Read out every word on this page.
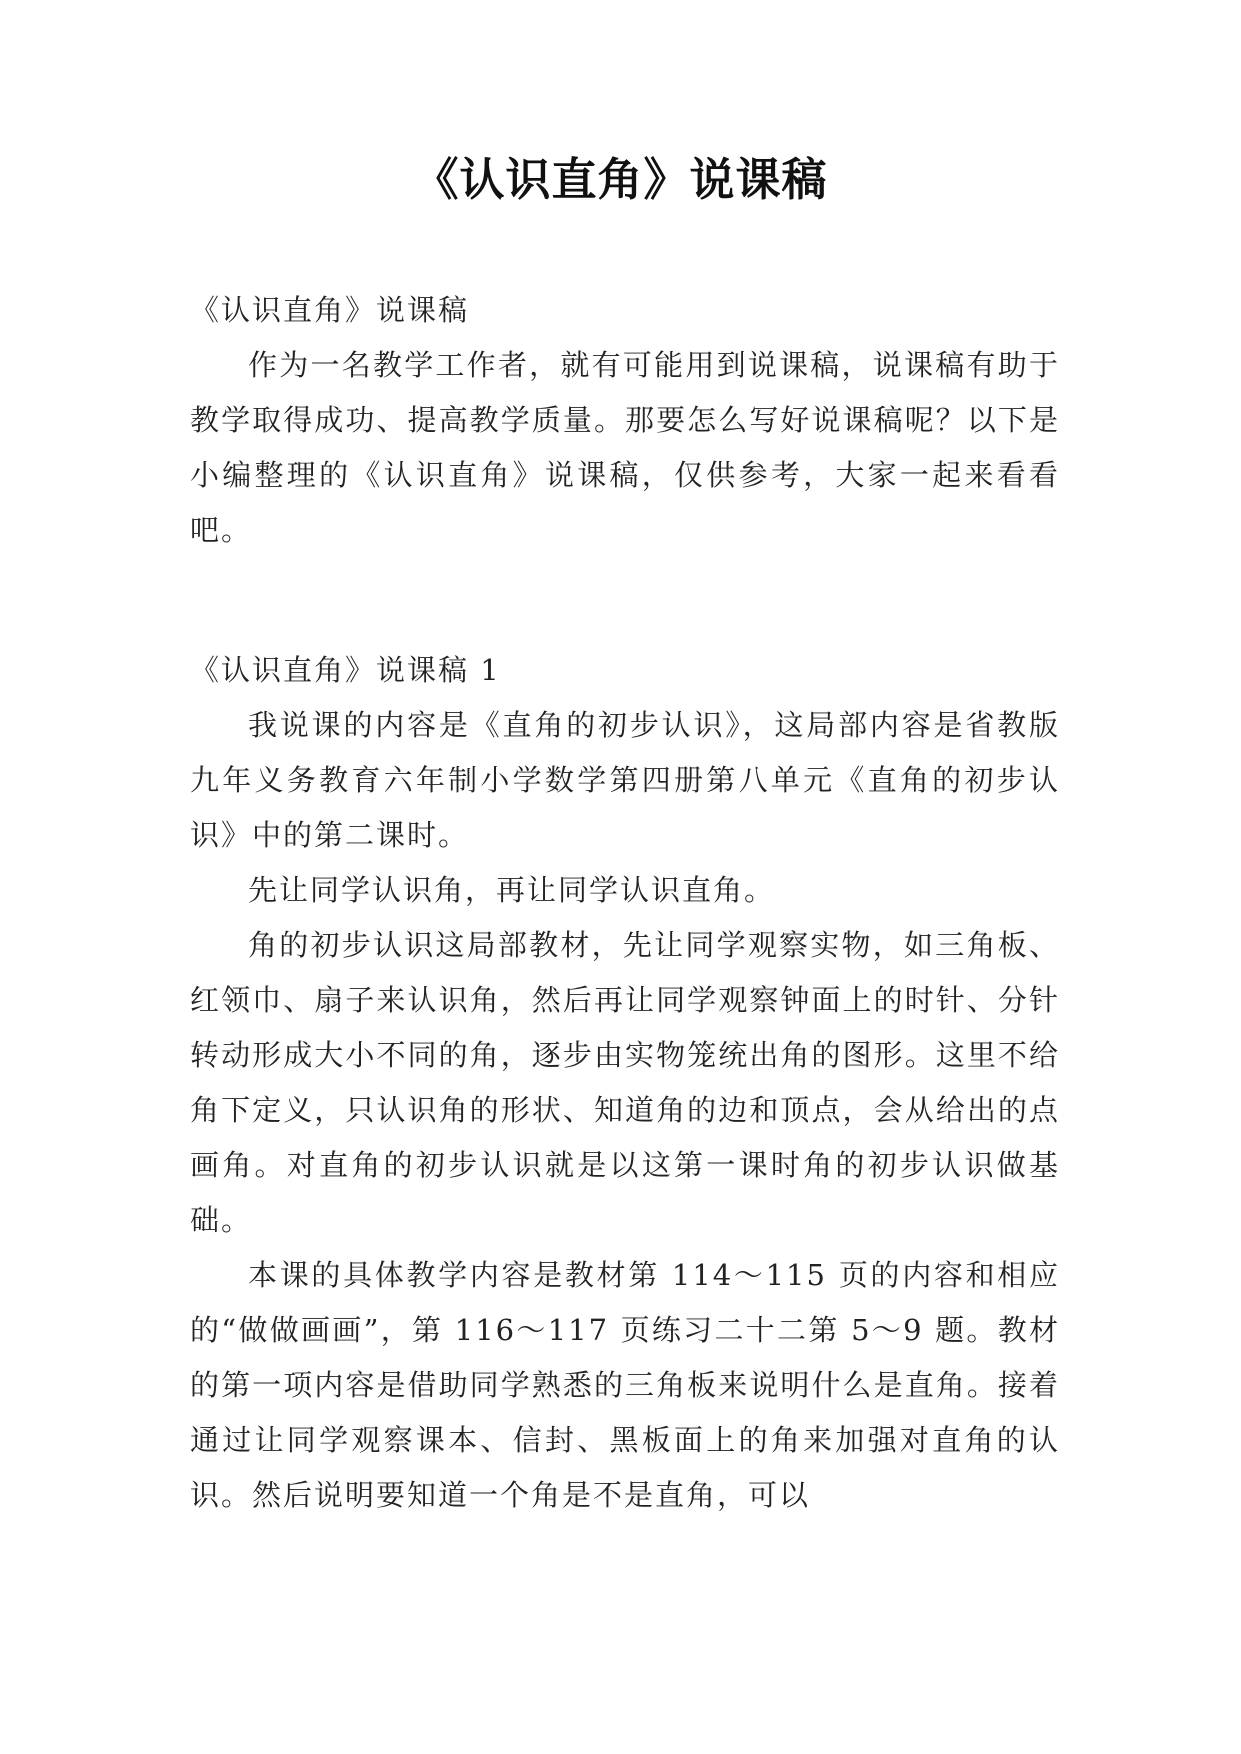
《认识直角》说课稿

《认识直角》说课稿

作为一名教学工作者，就有可能用到说课稿，说课稿有助于教学取得成功、提高教学质量。那要怎么写好说课稿呢？以下是小编整理的《认识直角》说课稿，仅供参考，大家一起来看看吧。

《认识直角》说课稿 1

我说课的内容是《直角的初步认识》，这局部内容是省教版九年义务教育六年制小学数学第四册第八单元《直角的初步认识》中的第二课时。

先让同学认识角，再让同学认识直角。

角的初步认识这局部教材，先让同学观察实物，如三角板、红领巾、扇子来认识角，然后再让同学观察钟面上的时针、分针转动形成大小不同的角，逐步由实物笼统出角的图形。这里不给角下定义，只认识角的形状、知道角的边和顶点，会从给出的点画角。对直角的初步认识就是以这第一课时角的初步认识做基础。

本课的具体教学内容是教材第 114～115 页的内容和相应的“做做画画”，第 116～117 页练习二十二第 5～9 题。教材的第一项内容是借助同学熟悉的三角板来说明什么是直角。接着通过让同学观察课本、信封、黑板面上的角来加强对直角的认识。然后说明要知道一个角是不是直角，可以
